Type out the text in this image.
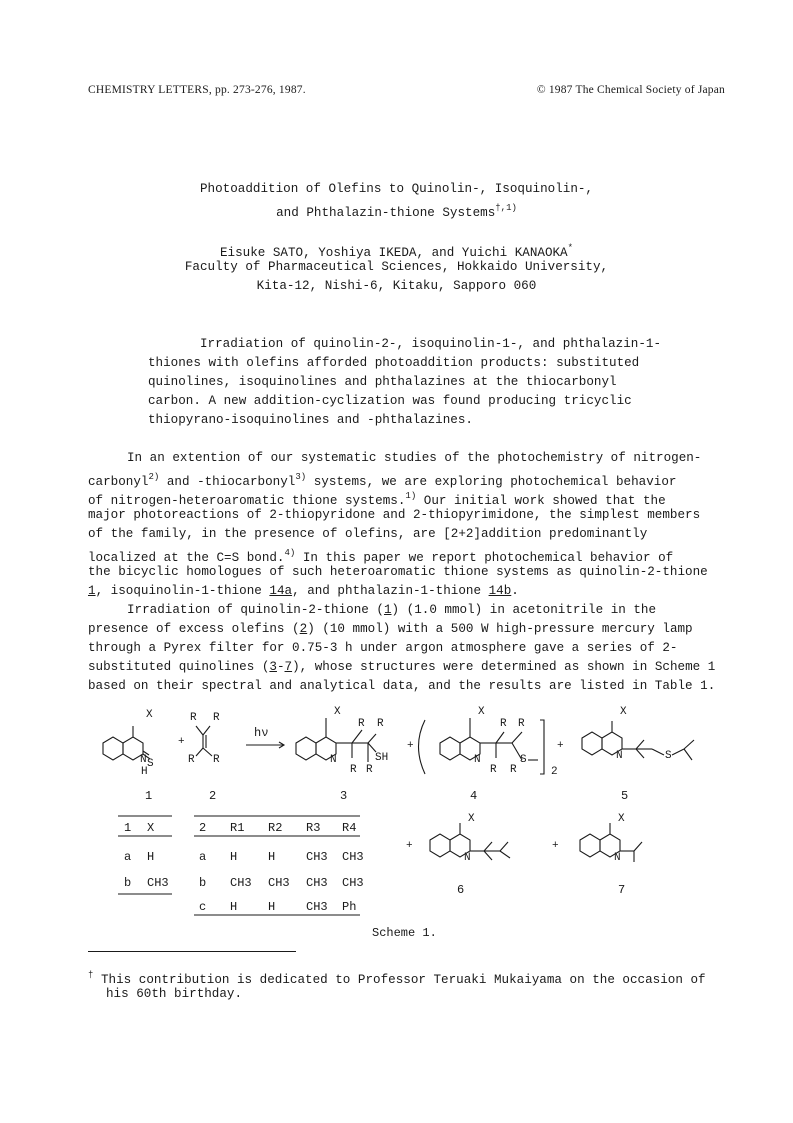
CHEMISTRY LETTERS, pp. 273-276, 1987.	© 1987 The Chemical Society of Japan
Photoaddition of Olefins to Quinolin-, Isoquinolin-,
and Phthalazin-thione Systems$^{\dagger,1)}$
Eisuke SATO, Yoshiya IKEDA, and Yuichi KANAOKA*
Faculty of Pharmaceutical Sciences, Hokkaido University,
Kita-12, Nishi-6, Kitaku, Sapporo 060
Irradiation of quinolin-2-, isoquinolin-1-, and phthalazin-1-
thiones with olefins afforded photoaddition products: substituted
quinolines, isoquinolines and phthalazines at the thiocarbonyl
carbon. A new addition-cyclization was found producing tricyclic
thiopyrano-isoquinolines and -phthalazines.
In an extention of our systematic studies of the photochemistry of nitrogen-
carbonyl$^{2)}$ and -thiocarbonyl$^{3)}$ systems, we are exploring photochemical behavior
of nitrogen-heteroaromatic thione systems.$^{1)}$ Our initial work showed that the
major photoreactions of 2-thiopyridone and 2-thiopyrimidone, the simplest members
of the family, in the presence of olefins, are [2+2]addition predominantly
localized at the C=S bond.$^{4)}$ In this paper we report photochemical behavior of
the bicyclic homologues of such heteroaromatic thione systems as quinolin-2-thione
1, isoquinolin-1-thione 14a, and phthalazin-1-thione 14b.
Irradiation of quinolin-2-thione (1) (1.0 mmol) in acetonitrile in the
presence of excess olefins (2) (10 mmol) with a 500 W high-pressure mercury lamp
through a Pyrex filter for 0.75-3 h under argon atmosphere gave a series of 2-
substituted quinolines (3-7), whose structures were determined as shown in Scheme 1
based on their spectral and analytical data, and the results are listed in Table 1.
X
N S
H
R R
R R
X
N
R R
SH
R R
X
N
R R
S
R R	2
X
N	S
X
N
X
N
+	+	+
+	+
hν
1	2	3	4	5
6	7
1 X
a H
b CH3
2 R1 R2 R3 R4
a H	H	CH3 CH3
b CH3 CH3 CH3 CH3
c H	H	CH3 Ph
Scheme 1.
† This contribution is dedicated to Professor Teruaki Mukaiyama on the occasion of
his 60th birthday.
